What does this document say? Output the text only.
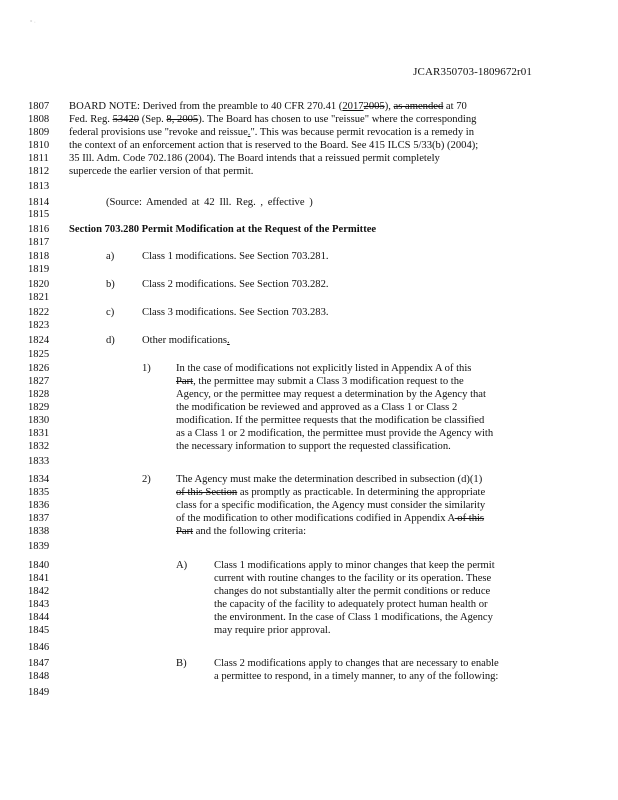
° ·
JCAR350703-1809672r01
1807
1808
1809
1810
1811
1812
1813
1814
1815
1816
1817
1818
1819
1820
1821
1822
1823
1824
1825
1826
1827
1828
1829
1830
1831
1832
1833
1834
1835
1836
1837
1838
1839
1840
1841
1842
1843
1844
1845
1846
1847
1848
1849
BOARD NOTE: Derived from the preamble to 40 CFR 270.41 (20172005), as amended at 70
Fed. Reg. 53420 (Sep. 8, 2005). The Board has chosen to use "reissue" where the corresponding
federal provisions use "revoke and reissue.". This was because permit revocation is a remedy in
the context of an enforcement action that is reserved to the Board. See 415 ILCS 5/33(b) (2004);
35 Ill. Adm. Code 702.186 (2004). The Board intends that a reissued permit completely
supercede the earlier version of that permit.
(Source: Amended at 42 Ill. Reg. , effective )
Section 703.280 Permit Modification at the Request of the Permittee
a)	Class 1 modifications. See Section 703.281.
b)	Class 2 modifications. See Section 703.282.
c)	Class 3 modifications. See Section 703.283.
d)	Other modifications.
1) In the case of modifications not explicitly listed in Appendix A of this
Part, the permittee may submit a Class 3 modification request to the
Agency, or the permittee may request a determination by the Agency that
the modification be reviewed and approved as a Class 1 or Class 2
modification. If the permittee requests that the modification be classified
as a Class 1 or 2 modification, the permittee must provide the Agency with
the necessary information to support the requested classification.
2) The Agency must make the determination described in subsection (d)(1)
of this Section as promptly as practicable. In determining the appropriate
class for a specific modification, the Agency must consider the similarity
of the modification to other modifications codified in Appendix A of this
Part and the following criteria:
A)	Class 1 modifications apply to minor changes that keep the permit
current with routine changes to the facility or its operation. These
changes do not substantially alter the permit conditions or reduce
the capacity of the facility to adequately protect human health or
the environment. In the case of Class 1 modifications, the Agency
may require prior approval.
B)	Class 2 modifications apply to changes that are necessary to enable
a permittee to respond, in a timely manner, to any of the following:
